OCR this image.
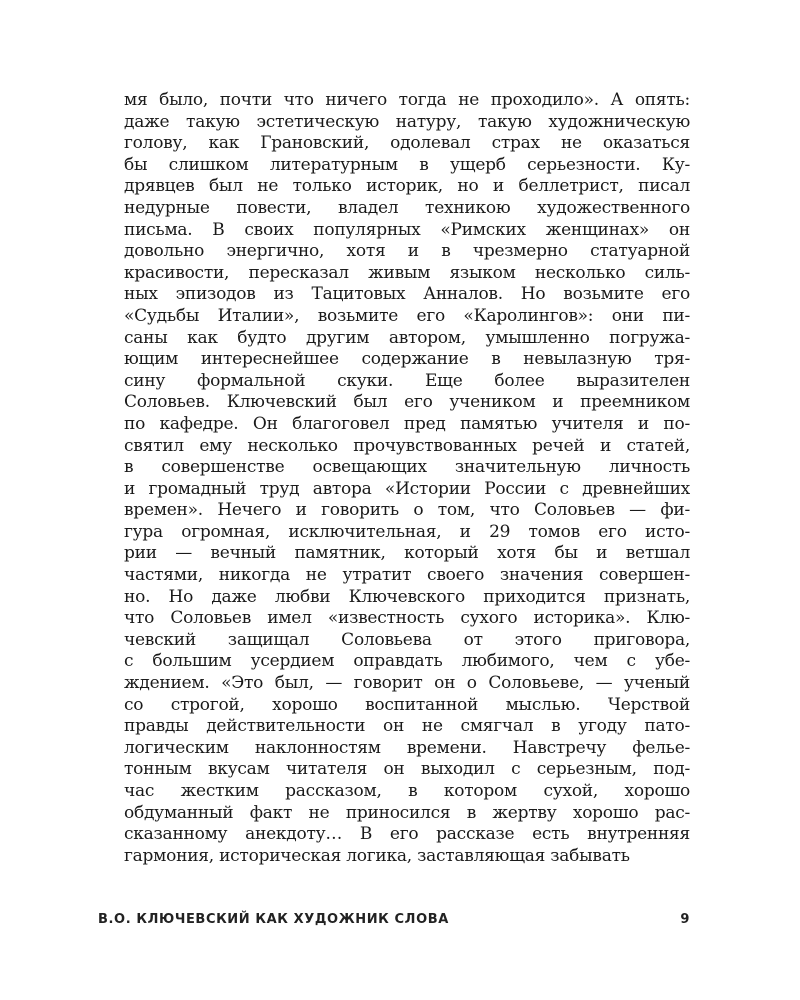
мя было, почти что ничего тогда не проходило». А опять:
даже такую эстетическую натуру, такую художническую
голову, как Грановский, одолевал страх не оказаться
бы слишком литературным в ущерб серьезности. Ку-
дрявцев был не только историк, но и беллетрист, писал
недурные повести, владел техникою художественного
письма. В своих популярных «Римских женщинах» он
довольно энергично, хотя и в чрезмерно статуарной
красивости, пересказал живым языком несколько силь-
ных эпизодов из Тацитовых Анналов. Но возьмите его
«Судьбы Италии», возьмите его «Каролингов»: они пи-
саны как будто другим автором, умышленно погружа-
ющим интереснейшее содержание в невылазную тря-
сину формальной скуки. Еще более выразителен
Соловьев. Ключевский был его учеником и преемником
по кафедре. Он благоговел пред памятью учителя и по-
святил ему несколько прочувствованных речей и статей,
в совершенстве освещающих значительную личность
и громадный труд автора «Истории России с древнейших
времен». Нечего и говорить о том, что Соловьев — фи-
гура огромная, исключительная, и 29 томов его исто-
рии — вечный памятник, который хотя бы и ветшал
частями, никогда не утратит своего значения совершен-
но. Но даже любви Ключевского приходится признать,
что Соловьев имел «известность сухого историка». Клю-
чевский защищал Соловьева от этого приговора,
с большим усердием оправдать любимого, чем с убе-
ждением. «Это был, — говорит он о Соловьеве, — ученый
со строгой, хорошо воспитанной мыслью. Черствой
правды действительности он не смягчал в угоду пато-
логическим наклонностям времени. Навстречу фелье-
тонным вкусам читателя он выходил с серьезным, под-
час жестким рассказом, в котором сухой, хорошо
обдуманный факт не приносился в жертву хорошо рас-
сказанному анекдоту… В его рассказе есть внутренняя
гармония, историческая логика, заставляющая забывать
В.О. КЛЮЧЕВСКИЙ КАК ХУДОЖНИК СЛОВА	9
